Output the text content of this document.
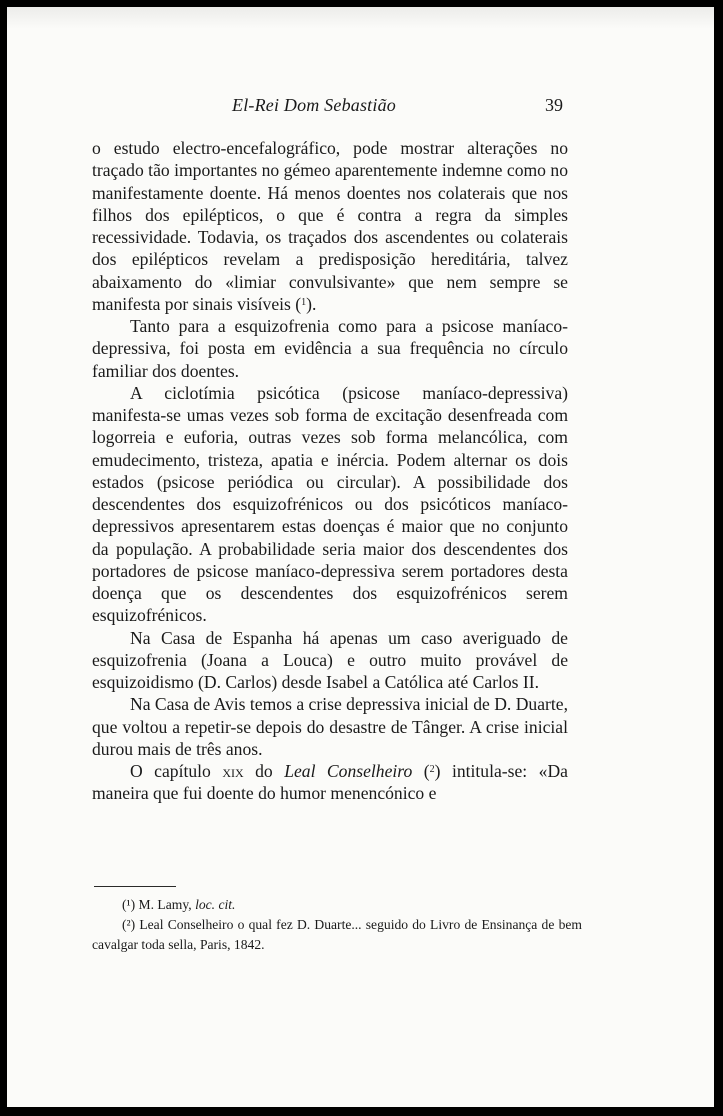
El-Rei Dom Sebastião	39

o estudo electro-encefalográfico, pode mostrar alterações no traçado tão importantes no gémeo aparentemente indemne como no manifestamente doente. Há menos doentes nos colaterais que nos filhos dos epilépticos, o que é contra a regra da simples recessividade. Todavia, os traçados dos ascendentes ou colaterais dos epilépticos revelam a predisposição hereditária, talvez abaixamento do «limiar convulsivante» que nem sempre se manifesta por sinais visíveis ($^1$).

Tanto para a esquizofrenia como para a psicose maníaco-depressiva, foi posta em evidência a sua frequência no círculo familiar dos doentes.

A ciclotímia psicótica (psicose maníaco-depressiva) manifesta-se umas vezes sob forma de excitação desenfreada com logorreia e euforia, outras vezes sob forma melancólica, com emudecimento, tristeza, apatia e inércia. Podem alternar os dois estados (psicose periódica ou circular). A possibilidade dos descendentes dos esquizofrénicos ou dos psicóticos maníaco-depressivos apresentarem estas doenças é maior que no conjunto da população. A probabilidade seria maior dos descendentes dos portadores de psicose maníaco-depressiva serem portadores desta doença que os descendentes dos esquizofrénicos serem esquizofrénicos.

Na Casa de Espanha há apenas um caso averiguado de esquizofrenia (Joana a Louca) e outro muito provável de esquizoidismo (D. Carlos) desde Isabel a Católica até Carlos II.

Na Casa de Avis temos a crise depressiva inicial de D. Duarte, que voltou a repetir-se depois do desastre de Tânger. A crise inicial durou mais de três anos.

O capítulo xix do Leal Conselheiro ($^2$) intitula-se: «Da maneira que fui doente do humor menencónico e

(¹) M. Lamy, loc. cit.

(²) Leal Conselheiro o qual fez D. Duarte... seguido do Livro de Ensinança de bem cavalgar toda sella, Paris, 1842.
